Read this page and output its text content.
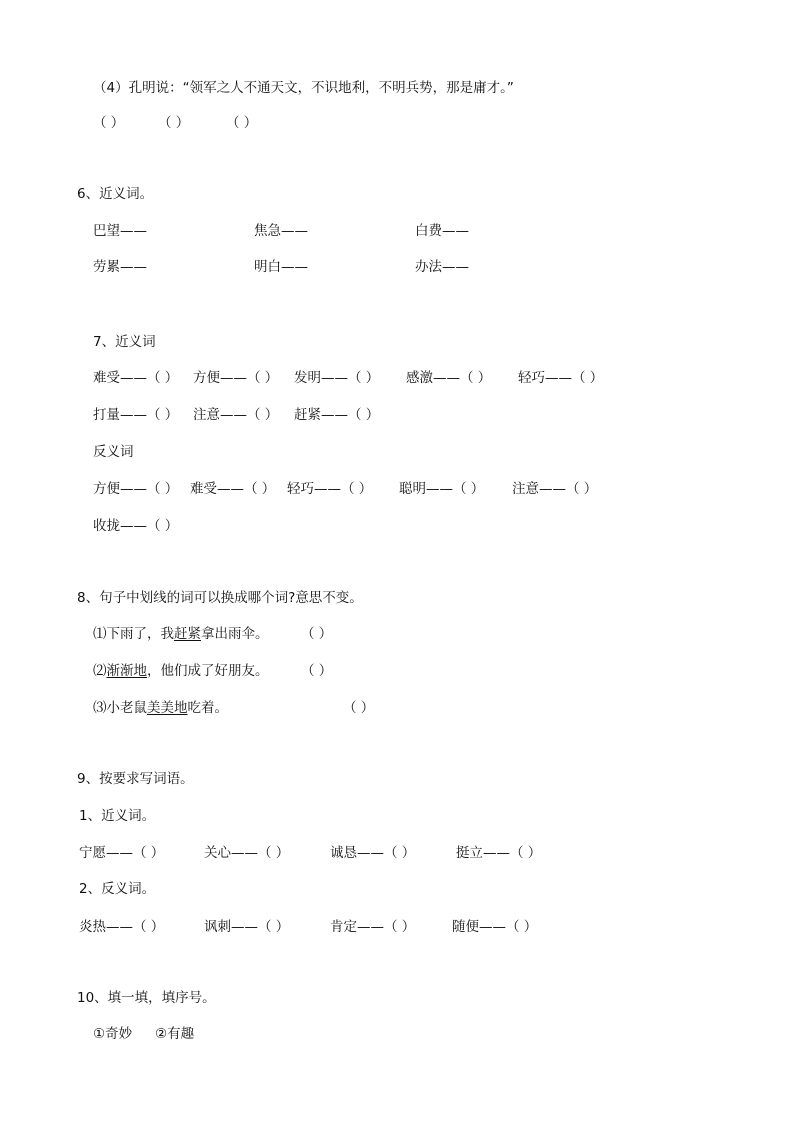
（4）孔明说：“领军之人不通天文，不识地利，不明兵势，那是庸才。”
（ ） （ ）	（ ）
6、近义词。
巴望——	焦急——	白费——
劳累——	明白——	办法——
7、近义词
难受——（ ） 方便——（ ） 发明——（ ） 感激——（ ） 轻巧——（ ）
打量——（ ） 注意——（ ） 赶紧——（ ）
反义词
方便——（ ） 难受——（ ） 轻巧——（ ） 聪明——（ ） 注意——（ ）
收拢——（ ）
8、句子中划线的词可以换成哪个词?意思不变。
⑴下雨了，我赶紧拿出雨伞。 （ ）
⑵渐渐地，他们成了好朋友。 （ ）
⑶小老鼠美美地吃着。	（ ）
9、按要求写词语。
1、近义词。
宁愿——（ ）	关心——（ ）	诚恳——（ ）	挺立——（ ）
2、反义词。
炎热——（ ）	讽刺——（ ）	肯定——（ ）	随便——（ ）
10、填一填，填序号。
①奇妙 ②有趣
